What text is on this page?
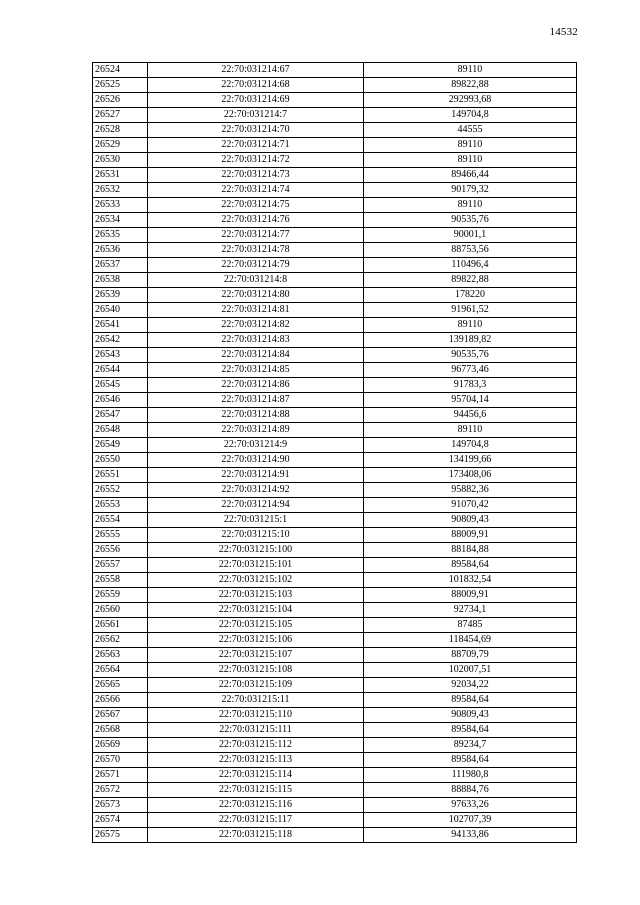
14532
26524	22:70:031214:67	89110
26525	22:70:031214:68	89822,88
26526	22:70:031214:69	292993,68
26527	22:70:031214:7	149704,8
26528	22:70:031214:70	44555
26529	22:70:031214:71	89110
26530	22:70:031214:72	89110
26531	22:70:031214:73	89466,44
26532	22:70:031214:74	90179,32
26533	22:70:031214:75	89110
26534	22:70:031214:76	90535,76
26535	22:70:031214:77	90001,1
26536	22:70:031214:78	88753,56
26537	22:70:031214:79	110496,4
26538	22:70:031214:8	89822,88
26539	22:70:031214:80	178220
26540	22:70:031214:81	91961,52
26541	22:70:031214:82	89110
26542	22:70:031214:83	139189,82
26543	22:70:031214:84	90535,76
26544	22:70:031214:85	96773,46
26545	22:70:031214:86	91783,3
26546	22:70:031214:87	95704,14
26547	22:70:031214:88	94456,6
26548	22:70:031214:89	89110
26549	22:70:031214:9	149704,8
26550	22:70:031214:90	134199,66
26551	22:70:031214:91	173408,06
26552	22:70:031214:92	95882,36
26553	22:70:031214:94	91070,42
26554	22:70:031215:1	90809,43
26555	22:70:031215:10	88009,91
26556	22:70:031215:100	88184,88
26557	22:70:031215:101	89584,64
26558	22:70:031215:102	101832,54
26559	22:70:031215:103	88009,91
26560	22:70:031215:104	92734,1
26561	22:70:031215:105	87485
26562	22:70:031215:106	118454,69
26563	22:70:031215:107	88709,79
26564	22:70:031215:108	102007,51
26565	22:70:031215:109	92034,22
26566	22:70:031215:11	89584,64
26567	22:70:031215:110	90809,43
26568	22:70:031215:111	89584,64
26569	22:70:031215:112	89234,7
26570	22:70:031215:113	89584,64
26571	22:70:031215:114	111980,8
26572	22:70:031215:115	88884,76
26573	22:70:031215:116	97633,26
26574	22:70:031215:117	102707,39
26575	22:70:031215:118	94133,86
